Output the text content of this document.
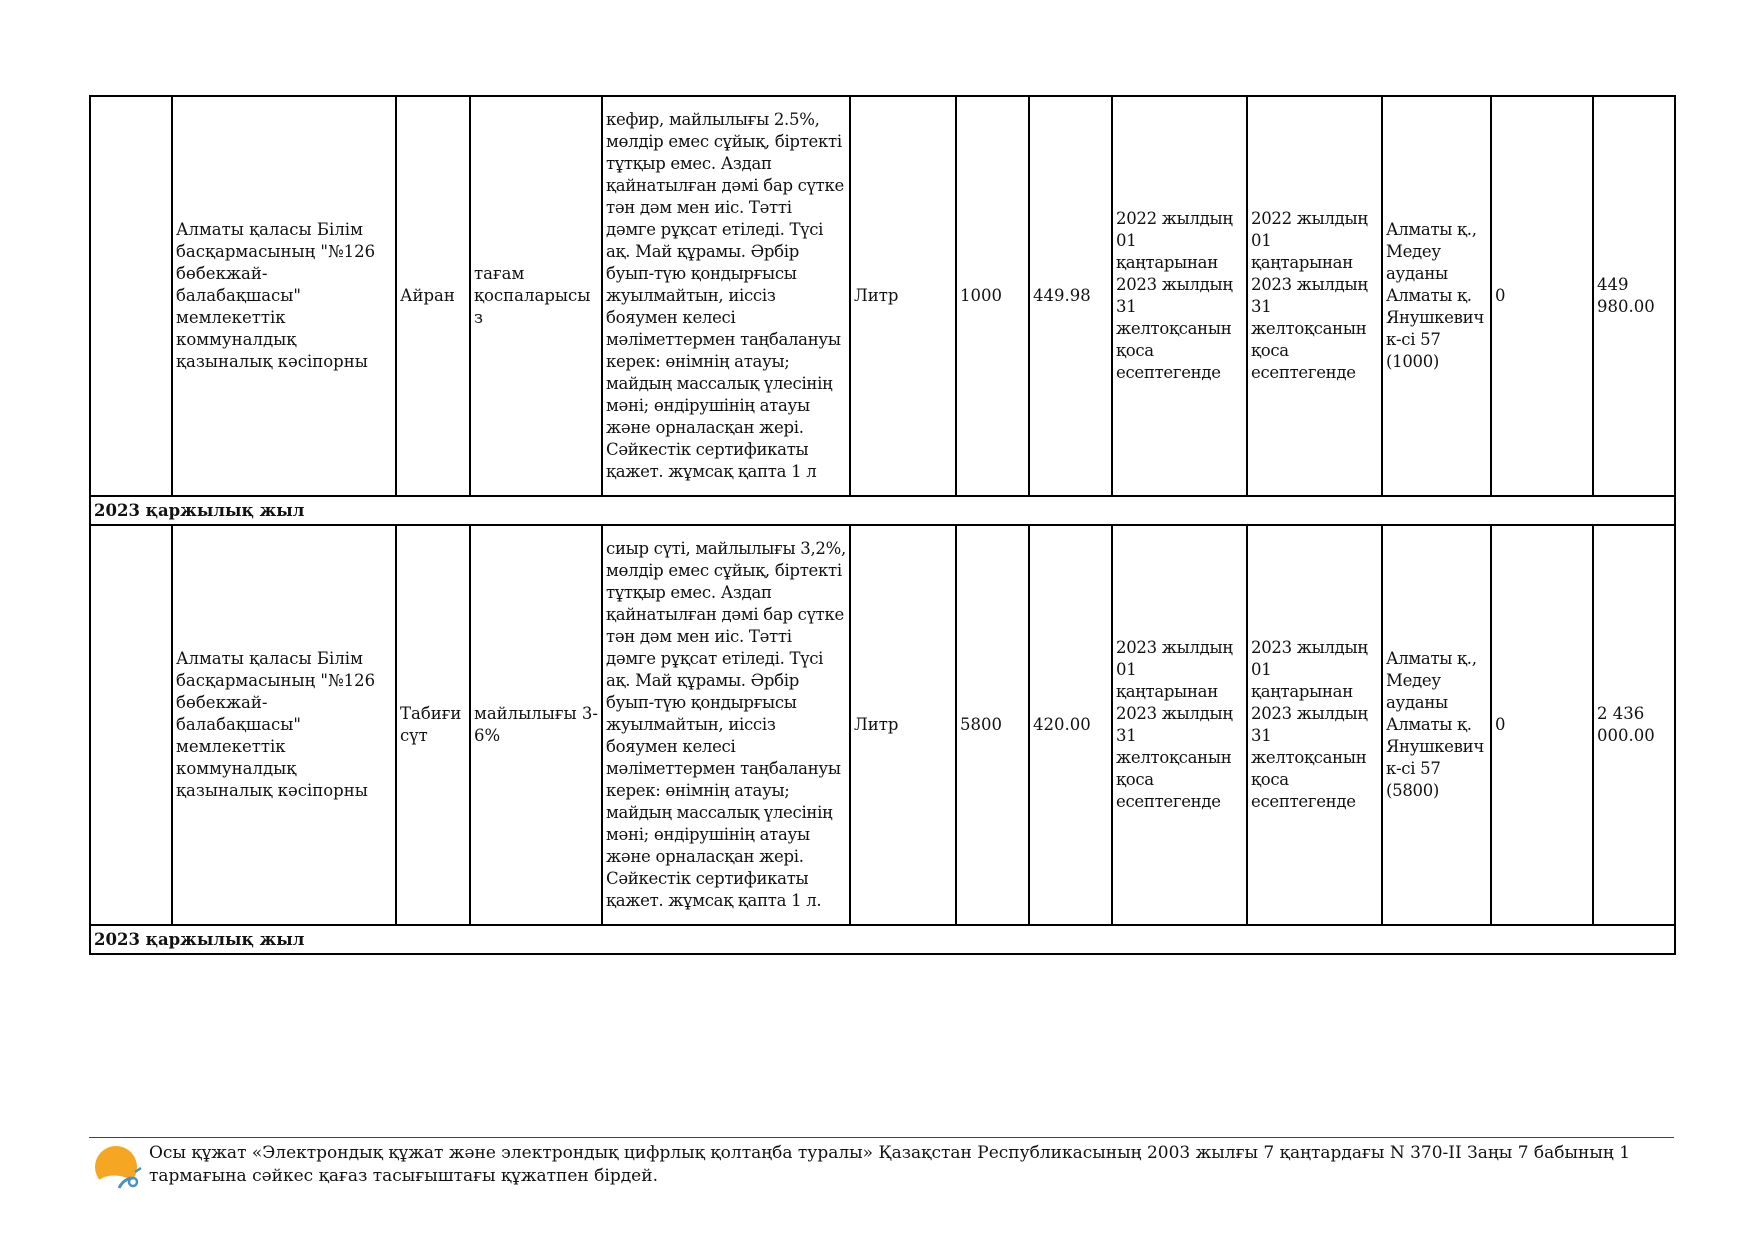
	Алматы қаласы Білім басқармасының "№126 бөбекжай-балабақшасы" мемлекеттік коммуналдық қазыналық кәсіпорны	Айран	тағам қоспаларысыз	кефир, майлылығы 2.5%, мөлдір емес сұйық, біртекті тұтқыр емес. Аздап қайнатылған дәмі бар сүтке тән дәм мен иіс. Тәтті дәмге рұқсат етіледі. Түсі ақ. Май құрамы. Әрбір буып-түю қондырғысы жуылмайтын, иіссіз бояумен келесі мәліметтермен таңбалануы керек: өнімнің атауы; майдың массалық үлесінің мәні; өндірушінің атауы және орналасқан жері. Сәйкестік сертификаты қажет. жұмсақ қапта 1 л	Литр	1000	449.98	2022 жылдың 01 қаңтарынан 2023 жылдың 31 желтоқсанын қоса есептегенде	2022 жылдың 01 қаңтарынан 2023 жылдың 31 желтоқсанын қоса есептегенде	Алматы қ., Медеу ауданы Алматы қ. Янушкевич к-сі 57 (1000)	0	449 980.00
2023 қаржылық жыл												
	Алматы қаласы Білім басқармасының "№126 бөбекжай-балабақшасы" мемлекеттік коммуналдық қазыналық кәсіпорны	Табиғи сүт	майлылығы 3-6%	сиыр сүті, майлылығы 3,2%, мөлдір емес сұйық, біртекті тұтқыр емес. Аздап қайнатылған дәмі бар сүтке тән дәм мен иіс. Тәтті дәмге рұқсат етіледі. Түсі ақ. Май құрамы. Әрбір буып-түю қондырғысы жуылмайтын, иіссіз бояумен келесі мәліметтермен таңбалануы керек: өнімнің атауы; майдың массалық үлесінің мәні; өндірушінің атауы және орналасқан жері. Сәйкестік сертификаты қажет. жұмсақ қапта 1 л.	Литр	5800	420.00	2023 жылдың 01 қаңтарынан 2023 жылдың 31 желтоқсанын қоса есептегенде	2023 жылдың 01 қаңтарынан 2023 жылдың 31 желтоқсанын қоса есептегенде	Алматы қ., Медеу ауданы Алматы қ. Янушкевич к-сі 57 (5800)	0	2 436 000.00
2023 қаржылық жыл												
Осы құжат «Электрондық құжат және электрондық цифрлық қолтаңба туралы» Қазақстан Республикасының 2003 жылғы 7 қаңтардағы N 370-II Заңы 7 бабының 1 тармағына сәйкес қағаз тасығыштағы құжатпен бірдей.
